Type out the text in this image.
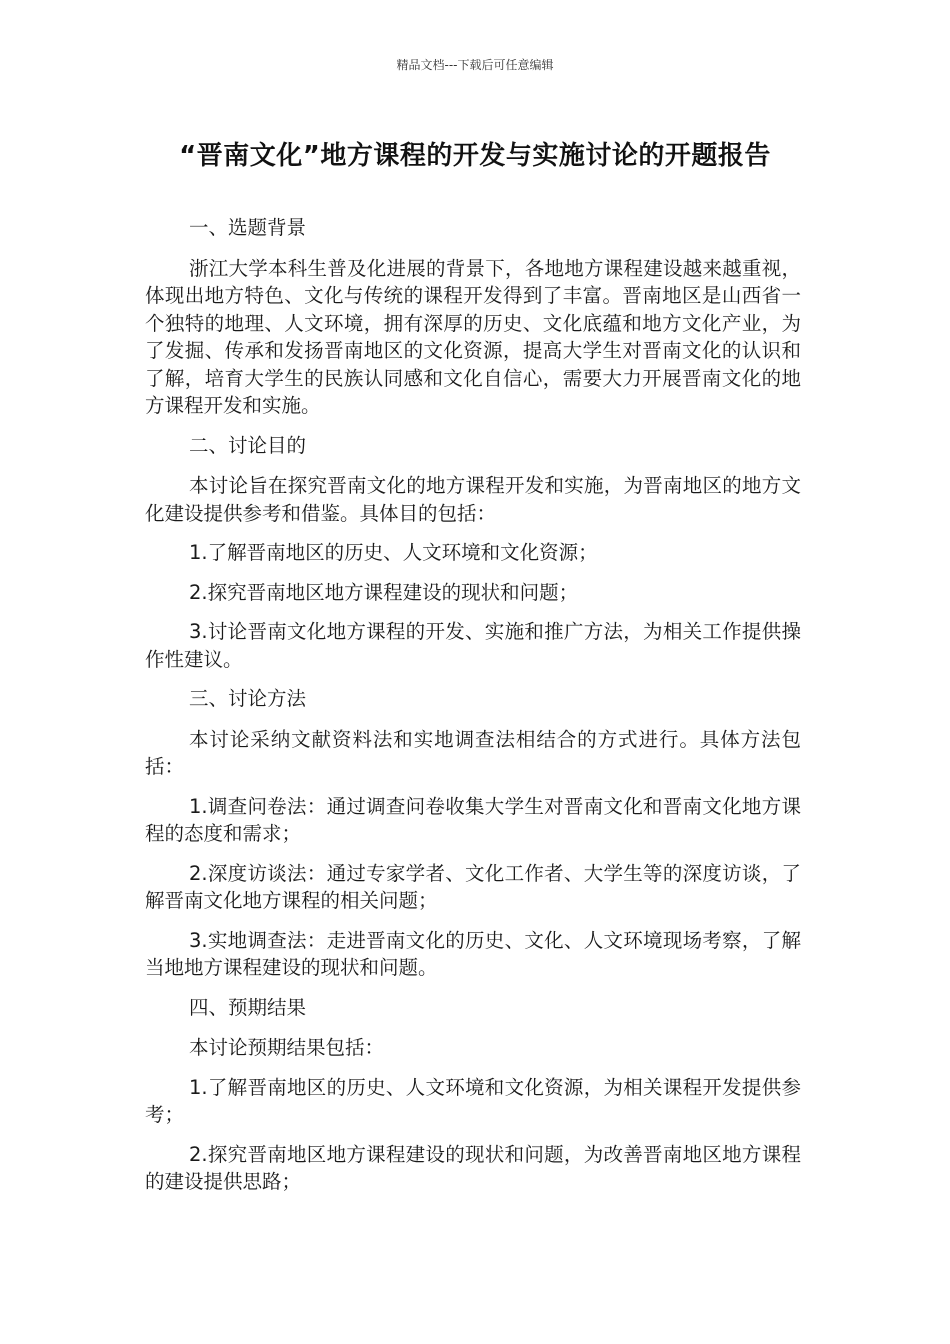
精品文档---下载后可任意编辑
“晋南文化”地方课程的开发与实施讨论的开题报告

一、选题背景

浙江大学本科生普及化进展的背景下，各地地方课程建设越来越重视，体现出地方特色、文化与传统的课程开发得到了丰富。晋南地区是山西省一个独特的地理、人文环境，拥有深厚的历史、文化底蕴和地方文化产业，为了发掘、传承和发扬晋南地区的文化资源，提高大学生对晋南文化的认识和了解，培育大学生的民族认同感和文化自信心，需要大力开展晋南文化的地方课程开发和实施。

二、讨论目的

本讨论旨在探究晋南文化的地方课程开发和实施，为晋南地区的地方文化建设提供参考和借鉴。具体目的包括：

1.了解晋南地区的历史、人文环境和文化资源；

2.探究晋南地区地方课程建设的现状和问题；

3.讨论晋南文化地方课程的开发、实施和推广方法，为相关工作提供操作性建议。

三、讨论方法

本讨论采纳文献资料法和实地调查法相结合的方式进行。具体方法包括：

1.调查问卷法：通过调查问卷收集大学生对晋南文化和晋南文化地方课程的态度和需求；

2.深度访谈法：通过专家学者、文化工作者、大学生等的深度访谈，了解晋南文化地方课程的相关问题；

3.实地调查法：走进晋南文化的历史、文化、人文环境现场考察，了解当地地方课程建设的现状和问题。

四、预期结果

本讨论预期结果包括：

1.了解晋南地区的历史、人文环境和文化资源，为相关课程开发提供参考；

2.探究晋南地区地方课程建设的现状和问题，为改善晋南地区地方课程的建设提供思路；
